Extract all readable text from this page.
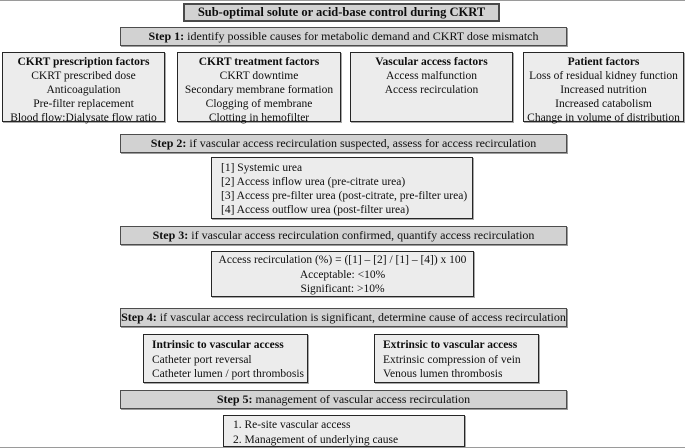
Sub-optimal solute or acid-base control during CKRT
Step 1: identify possible causes for metabolic demand and CKRT dose mismatch
CKRT prescription factors
CKRT prescribed dose
Anticoagulation
Pre-filter replacement
Blood flow:Dialysate flow ratio
CKRT treatment factors
CKRT downtime
Secondary membrane formation
Clogging of membrane
Clotting in hemofilter
Vascular access factors
Access malfunction
Access recirculation
Patient factors
Loss of residual kidney function
Increased nutrition
Increased catabolism
Change in volume of distribution
Step 2: if vascular access recirculation suspected, assess for access recirculation
[1] Systemic urea
[2] Access inflow urea (pre-citrate urea)
[3] Access pre-filter urea (post-citrate, pre-filter urea)
[4] Access outflow urea (post-filter urea)
Step 3: if vascular access recirculation confirmed, quantify access recirculation
Access recirculation (%) = ([1] – [2] / [1] – [4]) x 100
Acceptable: <10%
Significant: >10%
Step 4: if vascular access recirculation is significant, determine cause of access recirculation
Intrinsic to vascular access
Catheter port reversal
Catheter lumen / port thrombosis
Extrinsic to vascular access
Extrinsic compression of vein
Venous lumen thrombosis
Step 5: management of vascular access recirculation
1. Re-site vascular access
2. Management of underlying cause
